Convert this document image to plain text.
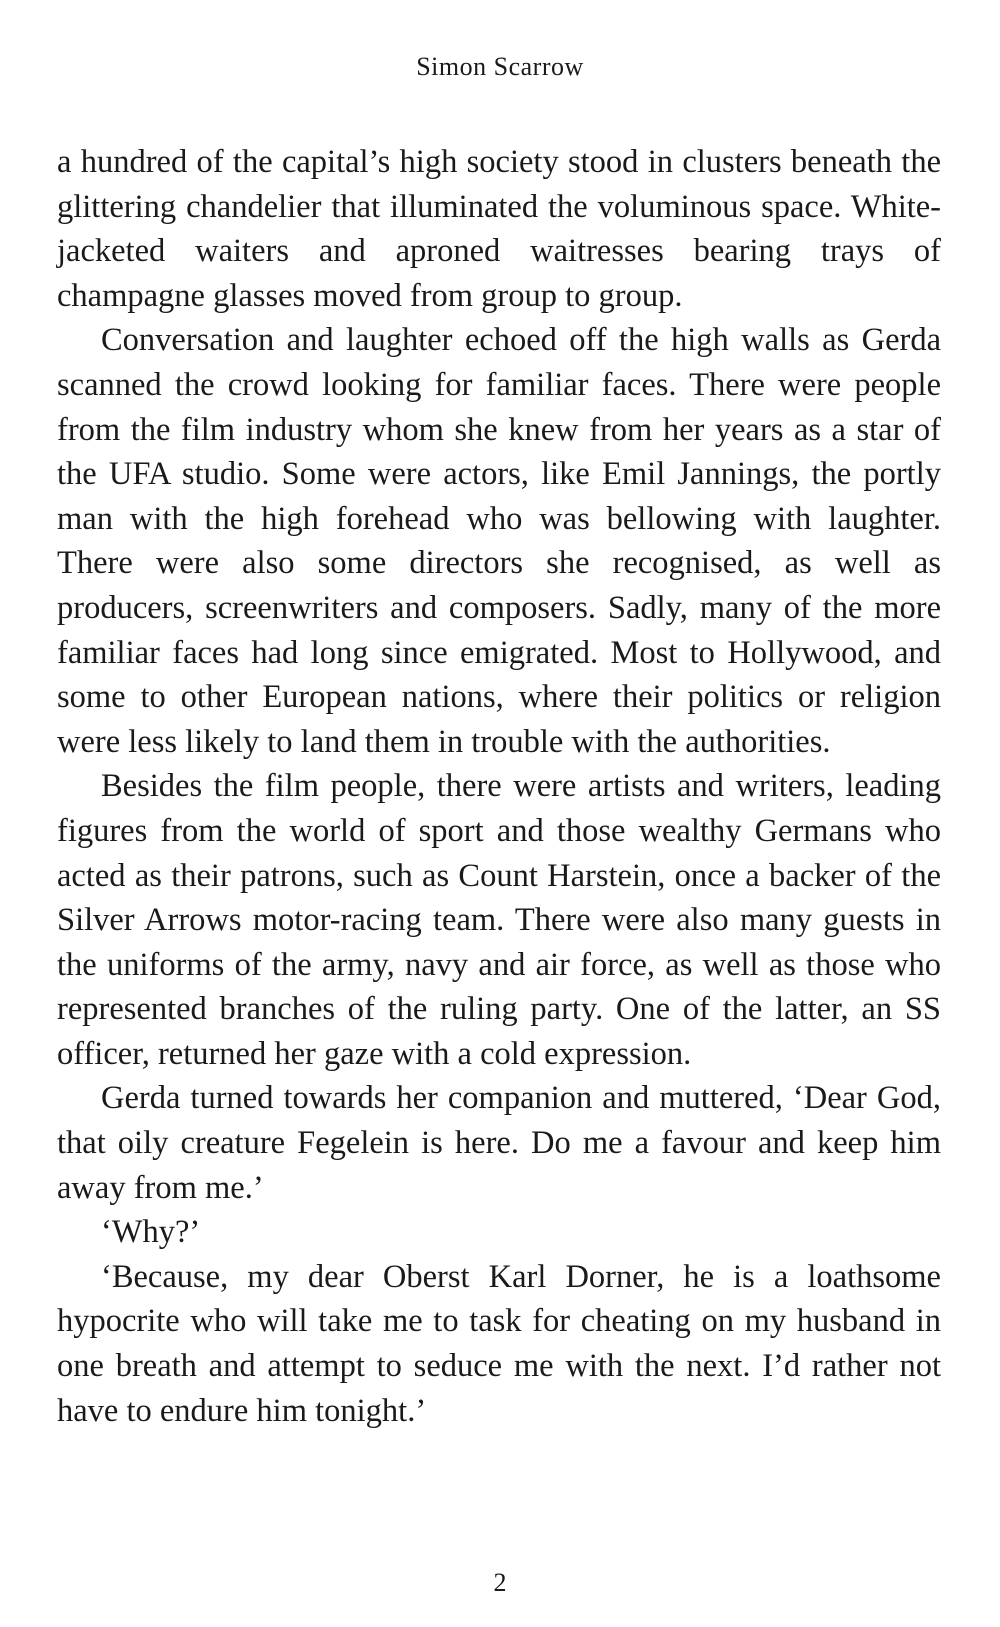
Simon Scarrow

a hundred of the capital’s high society stood in clusters beneath the glittering chandelier that illuminated the voluminous space. White-jacketed waiters and aproned waitresses bearing trays of champagne glasses moved from group to group.

Conversation and laughter echoed off the high walls as Gerda scanned the crowd looking for familiar faces. There were people from the film industry whom she knew from her years as a star of the UFA studio. Some were actors, like Emil Jannings, the portly man with the high forehead who was bellowing with laughter. There were also some directors she recognised, as well as producers, screenwriters and composers. Sadly, many of the more familiar faces had long since emigrated. Most to Hollywood, and some to other European nations, where their politics or religion were less likely to land them in trouble with the authorities.

Besides the film people, there were artists and writers, leading figures from the world of sport and those wealthy Germans who acted as their patrons, such as Count Harstein, once a backer of the Silver Arrows motor-racing team. There were also many guests in the uniforms of the army, navy and air force, as well as those who represented branches of the ruling party. One of the latter, an SS officer, returned her gaze with a cold expression.

Gerda turned towards her companion and muttered, ‘Dear God, that oily creature Fegelein is here. Do me a favour and keep him away from me.’

‘Why?’

‘Because, my dear Oberst Karl Dorner, he is a loathsome hypocrite who will take me to task for cheating on my husband in one breath and attempt to seduce me with the next. I’d rather not have to endure him tonight.’

2
